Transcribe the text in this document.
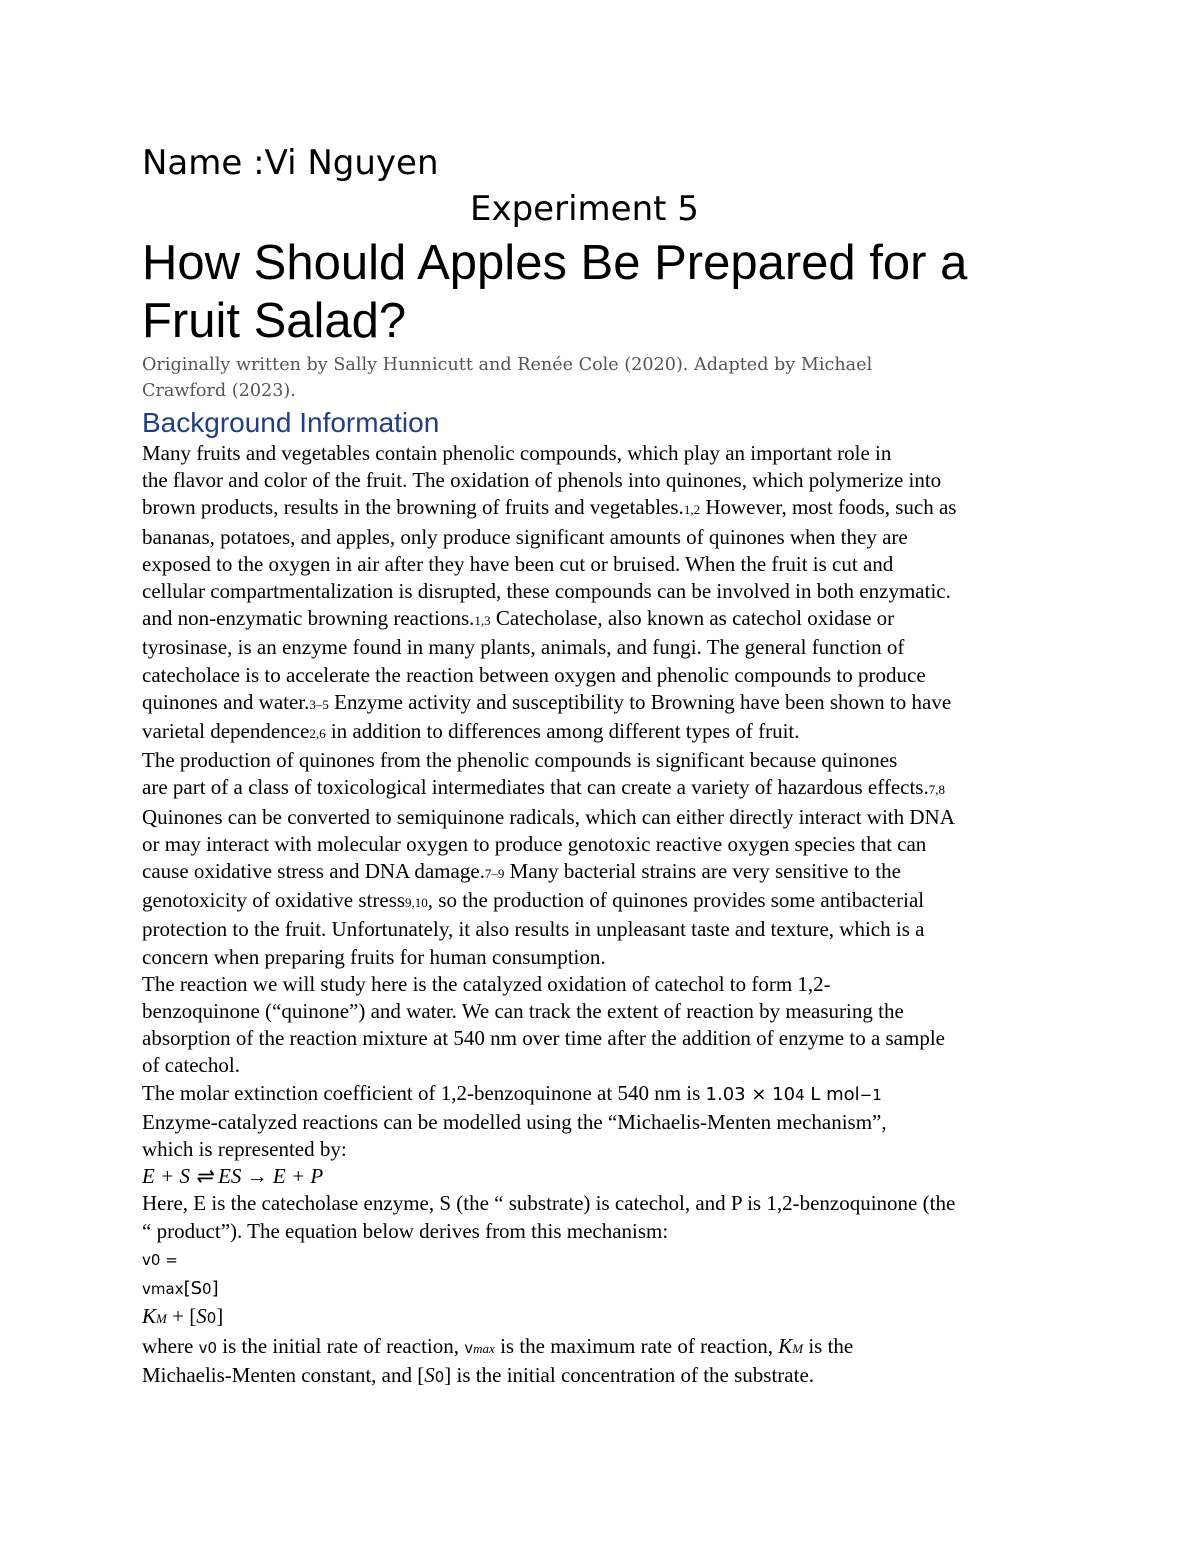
Name :Vi Nguyen
Experiment 5
How Should Apples Be Prepared for a
Fruit Salad?
Originally written by Sally Hunnicutt and Renée Cole (2020). Adapted by Michael
Crawford (2023).
Background Information

Many fruits and vegetables contain phenolic compounds, which play an important role in
the flavor and color of the fruit. The oxidation of phenols into quinones, which polymerize into
brown products, results in the browning of fruits and vegetables.1,2 However, most foods, such as
bananas, potatoes, and apples, only produce significant amounts of quinones when they are
exposed to the oxygen in air after they have been cut or bruised. When the fruit is cut and
cellular compartmentalization is disrupted, these compounds can be involved in both enzymatic.
and non-enzymatic browning reactions.1,3 Catecholase, also known as catechol oxidase or
tyrosinase, is an enzyme found in many plants, animals, and fungi. The general function of
catecholace is to accelerate the reaction between oxygen and phenolic compounds to produce
quinones and water.3–5 Enzyme activity and susceptibility to Browning have been shown to have
varietal dependence2,6 in addition to differences among different types of fruit.

The production of quinones from the phenolic compounds is significant because quinones
are part of a class of toxicological intermediates that can create a variety of hazardous effects.7,8
Quinones can be converted to semiquinone radicals, which can either directly interact with DNA
or may interact with molecular oxygen to produce genotoxic reactive oxygen species that can
cause oxidative stress and DNA damage.7–9 Many bacterial strains are very sensitive to the
genotoxicity of oxidative stress9,10, so the production of quinones provides some antibacterial
protection to the fruit. Unfortunately, it also results in unpleasant taste and texture, which is a
concern when preparing fruits for human consumption.

The reaction we will study here is the catalyzed oxidation of catechol to form 1,2-
benzoquinone (“quinone”) and water. We can track the extent of reaction by measuring the
absorption of the reaction mixture at 540 nm over time after the addition of enzyme to a sample
of catechol.

The molar extinction coefficient of 1,2-benzoquinone at 540 nm is 1.03 × 104 L mol−1
Enzyme-catalyzed reactions can be modelled using the “Michaelis-Menten mechanism”,
which is represented by:
E + S ⇌ ES → E + P
Here, E is the catecholase enzyme, S (the “ substrate) is catechol, and P is 1,2-benzoquinone (the
“ product”). The equation below derives from this mechanism:
v0 =
vmax[S0]
KM + [S0]
where v0 is the initial rate of reaction, vmax is the maximum rate of reaction, KM is the
Michaelis-Menten constant, and [S0] is the initial concentration of the substrate.
